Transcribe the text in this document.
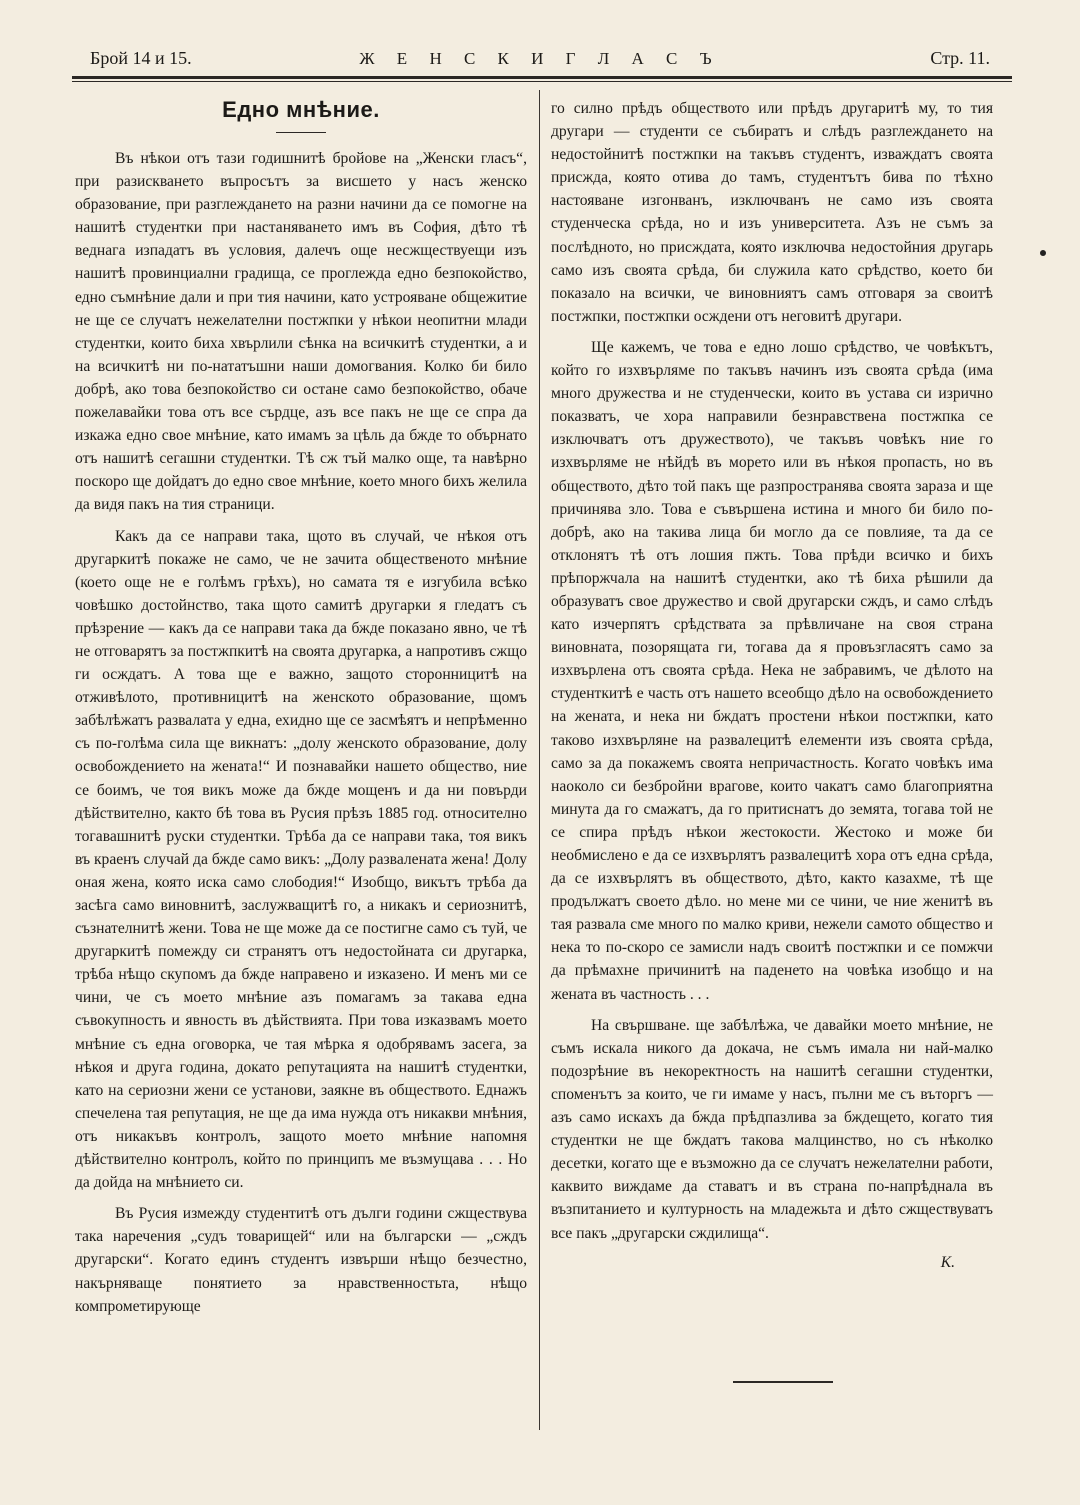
Брой 14 и 15.	Ж Е Н С К И Г Л А С Ъ	Стр. 11.
Едно мнѣние.

Въ нѣкои отъ тази годишнитѣ бройове на „Женски гласъ“, при разискването въпросътъ за висшето у насъ женско образование, при разглеждането на разни начини да се помогне на нашитѣ студентки при настаняването имъ въ София, дѣто тѣ веднага изпадатъ въ условия, далечъ още несжществуещи изъ нашитѣ провинциални градища, се проглежда едно безпокойство, едно съмнѣние дали и при тия начини, като устрояване общежитие не ще се случатъ нежелателни постжпки у нѣкои неопитни млади студентки, които биха хвърлили сѣнка на всичкитѣ студентки, а и на всичкитѣ ни по-нататъшни наши домогвания. Колко би било добрѣ, ако това безпокойство си остане само безпокойство, обаче пожелавайки това отъ все сърдце, азъ все пакъ не ще се спра да изкажа едно свое мнѣние, като имамъ за цѣль да бжде то обърнато отъ нашитѣ сегашни студентки. Тѣ сж тъй малко още, та навѣрно поскоро ще дойдатъ до едно свое мнѣние, което много бихъ желила да видя пакъ на тия страници.

Какъ да се направи така, щото въ случай, че нѣкоя отъ другаркитѣ покаже не само, че не зачита общественото мнѣние (което още не е голѣмъ грѣхъ), но самата тя е изгубила всѣко човѣшко достойнство, така щото самитѣ другарки я гледатъ съ прѣзрение — какъ да се направи така да бжде показано явно, че тѣ не отговарятъ за постжпкитѣ на своята другарка, а напротивъ сжщо ги осждатъ. А това ще е важно, защото сторонницитѣ на отживѣлото, противницитѣ на женското образование, щомъ забѣлѣжатъ развалата у една, ехидно ще се засмѣятъ и непрѣменно съ по-голѣма сила ще викнатъ: „долу женското образование, долу освобождението на жената!“ И познавайки нашето общество, ние се боимъ, че тоя викъ може да бжде мощенъ и да ни повърди дѣйствително, както бѣ това въ Русия прѣзъ 1885 год. относително тогавашнитѣ руски студентки. Трѣба да се направи така, тоя викъ въ краенъ случай да бжде само викъ: „Долу развалената жена! Долу оная жена, която иска само слободия!“ Изобщо, викътъ трѣба да засѣга само виновнитѣ, заслужващитѣ го, а никакъ и сериознитѣ, съзнателнитѣ жени. Това не ще може да се постигне само съ туй, че другаркитѣ помежду си странятъ отъ недостойната си другарка, трѣба нѣщо скупомъ да бжде направено и изказено. И менъ ми се чини, че съ моето мнѣние азъ помагамъ за такава една съвокупность и явность въ дѣйствията. При това изказвамъ моето мнѣние съ една оговорка, че тая мѣрка я одобрявамъ засега, за нѣкоя и друга година, докато репутацията на нашитѣ студентки, като на сериозни жени се установи, заякне въ обществото. Еднажъ спечелена тая репутация, не ще да има нужда отъ никакви мнѣния, отъ никакъвъ контролъ, защото моето мнѣние напомня дѣйствително контролъ, който по принципъ ме възмущава . . . Но да дойда на мнѣнието си.

Въ Русия измежду студентитѣ отъ дълги години сжществува така наречения „судъ товарищей“ или на български — „сждъ другарски“. Когато единъ студентъ извърши нѣщо безчестно, накърняваще понятието за нравственностьта, нѣщо компрометирующе

го силно прѣдъ обществото или прѣдъ другаритѣ му, то тия другари — студенти се събиратъ и слѣдъ разглеждането на недостойнитѣ постжпки на такъвъ студентъ, изваждатъ своята присжда, която отива до тамъ, студентътъ бива по тѣхно настояване изгонванъ, изключванъ не само изъ своята студенческа срѣда, но и изъ университета. Азъ не съмъ за послѣдното, но присждата, която изключва недостойния другарь само изъ своята срѣда, би служила като срѣдство, което би показало на всички, че виновниятъ самъ отговаря за своитѣ постжпки, постжпки осждени отъ неговитѣ другари.

Ще кажемъ, че това е едно лошо срѣдство, че човѣкътъ, който го изхвърляме по такъвъ начинъ изъ своята срѣда (има много дружества и не студенчески, които въ устава си изрично показватъ, че хора направили безнравствена постжпка се изключватъ отъ дружеството), че такъвъ човѣкъ ние го изхвърляме не нѣйдѣ въ морето или въ нѣкоя пропасть, но въ обществото, дѣто той пакъ ще разпространява своята зараза и ще причинява зло. Това е съвършена истина и много би било по-добрѣ, ако на такива лица би могло да се повлияе, та да се отклонятъ тѣ отъ лошия пжть. Това прѣди всичко и бихъ прѣпоржчала на нашитѣ студентки, ако тѣ биха рѣшили да образуватъ свое дружество и свой другарски сждъ, и само слѣдъ като изчерпятъ срѣдствата за прѣвличане на своя страна виновната, позорящата ги, тогава да я провъзгласятъ само за изхвърлена отъ своята срѣда. Нека не забравимъ, че дѣлото на студенткитѣ е часть отъ нашето всеобщо дѣло на освобождението на жената, и нека ни бждатъ простени нѣкои постжпки, като таково изхвърляне на развалецитѣ елементи изъ своята срѣда, само за да покажемъ своята непричастность. Когато човѣкъ има наоколо си безбройни врагове, които чакатъ само благоприятна минута да го смажатъ, да го притиснатъ до земята, тогава той не се спира прѣдъ нѣкои жестокости. Жестоко и може би необмислено е да се изхвърлятъ развалецитѣ хора отъ една срѣда, да се изхвърлятъ въ обществото, дѣто, както казахме, тѣ ще продължатъ своето дѣло. но мене ми се чини, че ние женитѣ въ тая развала сме много по малко криви, нежели самото общество и нека то по-скоро се замисли надъ своитѣ постжпки и се помжчи да прѣмахне причинитѣ на паденето на човѣка изобщо и на жената въ частность . . .

На свършване. ще забѣлѣжа, че давайки моето мнѣние, не съмъ искала никого да докача, не съмъ имала ни най-малко подозрѣние въ некоректность на нашитѣ сегашни студентки, споменътъ за които, че ги имаме у насъ, пълни ме съ въторгъ — азъ само искахъ да бжда прѣдпазлива за бждещето, когато тия студентки не ще бждатъ такова малцинство, но съ нѣколко десетки, когато ще е възможно да се случатъ нежелателни работи, каквито виждаме да ставатъ и въ страна по-напрѣднала въ възпитанието и културность на младежьта и дѣто сжществуватъ все пакъ „другарски сждилища“.

К.
